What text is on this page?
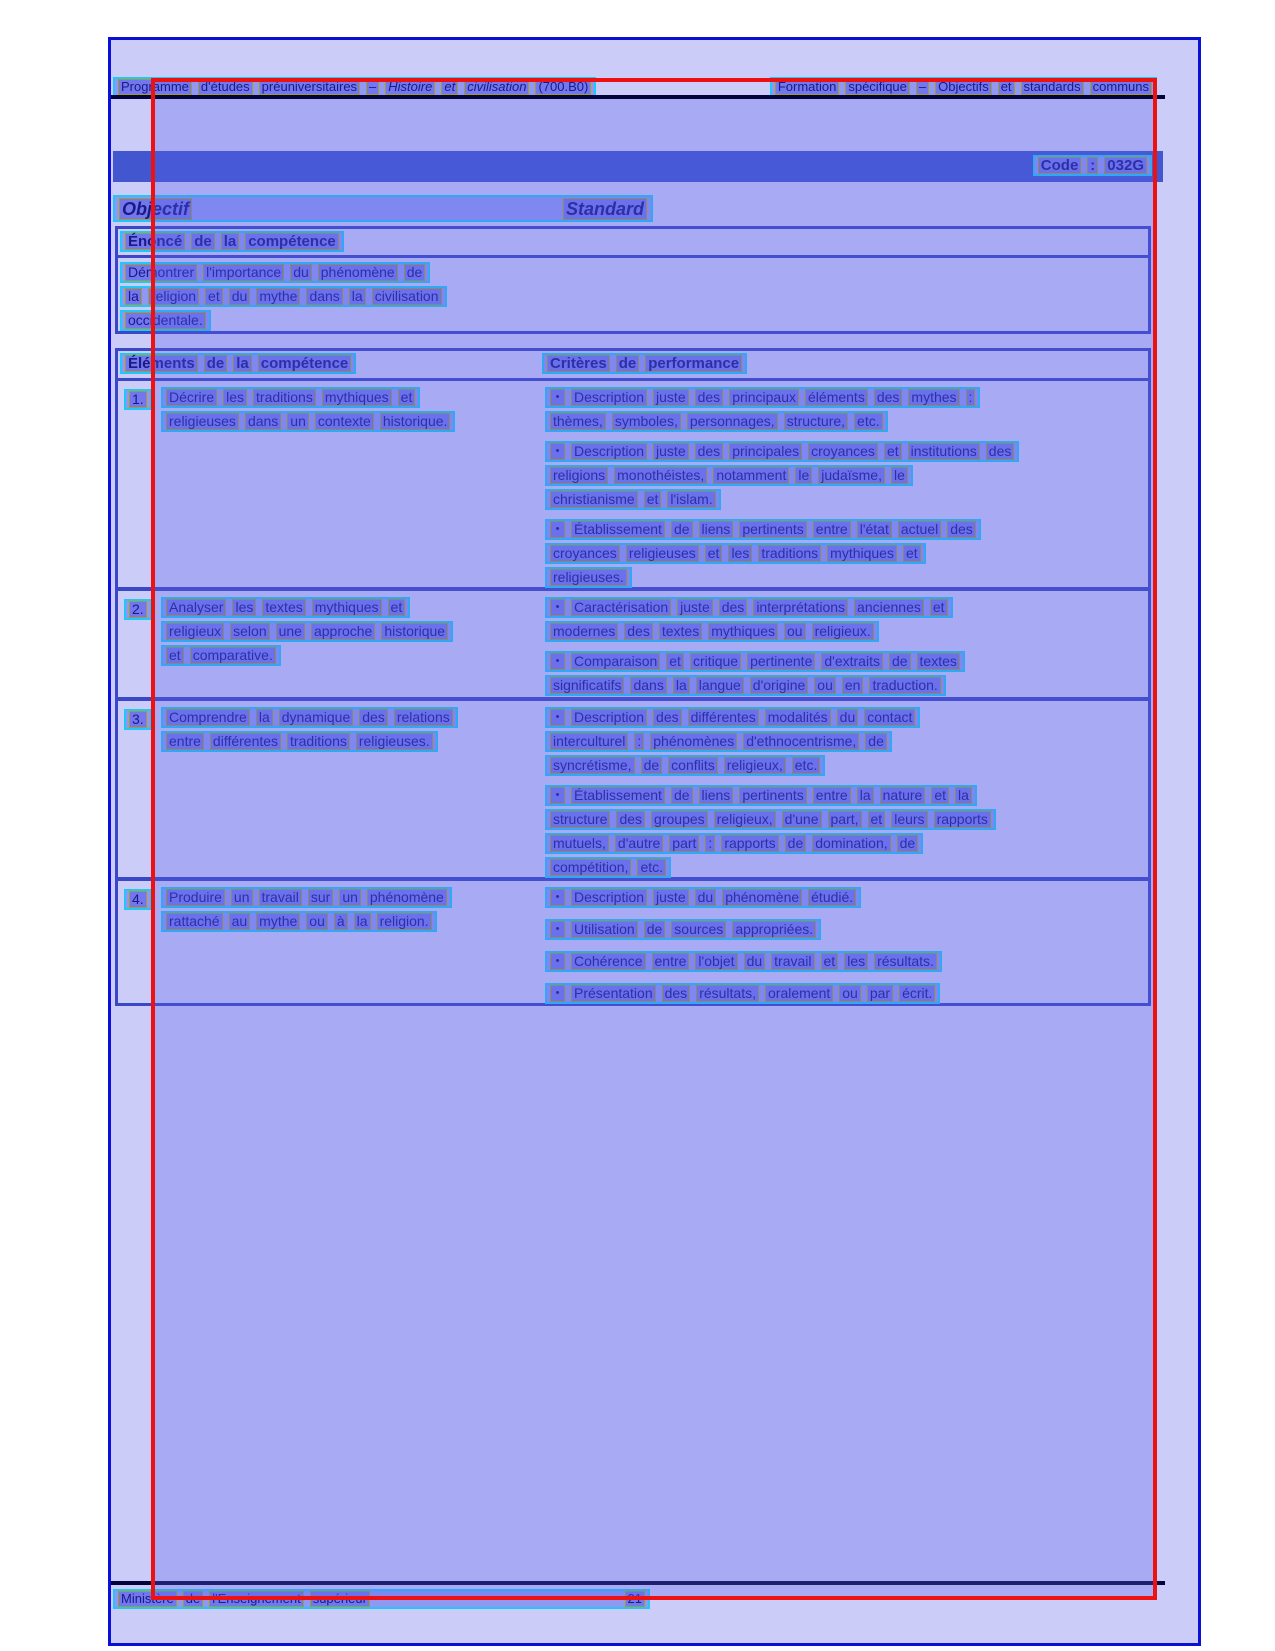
Programme d'études préuniversitaires – Histoire et civilisation (700.B0)	Formation spécifique – Objectifs et standards communs
Code : 032G
Objectif	Standard
Énoncé de la compétence
Démontrer l'importance du phénomène de
la religion et du mythe dans la civilisation
occidentale.
Éléments de la compétence	Critères de performance
1. Décrire les traditions mythiques et
religieuses dans un contexte historique.
•	Description juste des principaux éléments des mythes :
thèmes, symboles, personnages, structure, etc.
•	Description juste des principales croyances et institutions des
religions monothéistes, notamment le judaïsme, le
christianisme et l'islam.
•	Établissement de liens pertinents entre l'état actuel des
croyances religieuses et les traditions mythiques et
religieuses.
2. Analyser les textes mythiques et
religieux selon une approche historique
et comparative.
•	Caractérisation juste des interprétations anciennes et
modernes des textes mythiques ou religieux.
•	Comparaison et critique pertinente d'extraits de textes
significatifs dans la langue d'origine ou en traduction.
3. Comprendre la dynamique des relations
entre différentes traditions religieuses.
•	Description des différentes modalités du contact
interculturel : phénomènes d'ethnocentrisme, de
syncrétisme, de conflits religieux, etc.
•	Établissement de liens pertinents entre la nature et la
structure des groupes religieux, d'une part, et leurs rapports
mutuels, d'autre part : rapports de domination, de
compétition, etc.
4. Produire un travail sur un phénomène
rattaché au mythe ou à la religion.
•	Description juste du phénomène étudié.
•	Utilisation de sources appropriées.
•	Cohérence entre l'objet du travail et les résultats.
•	Présentation des résultats, oralement ou par écrit.
Ministère de l'Enseignement supérieur	21
